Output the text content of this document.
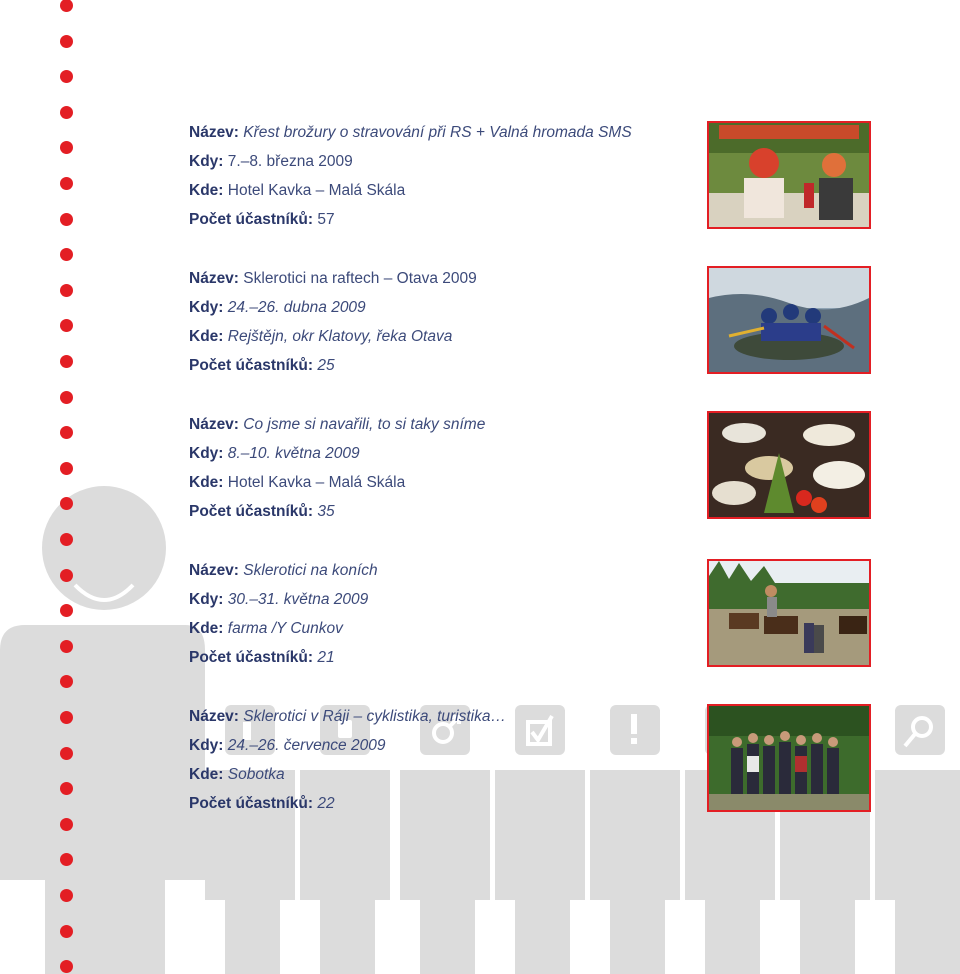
Název: Křest brožury o stravování při RS + Valná hromada SMS
Kdy: 7.–8. března 2009
Kde: Hotel Kavka – Malá Skála
Počet účastníků: 57
Název: Sklerotici na raftech – Otava 2009
Kdy: 24.–26. dubna 2009
Kde: Rejštějn, okr Klatovy, řeka Otava
Počet účastníků: 25
Název: Co jsme si navařili, to si taky sníme
Kdy: 8.–10. května 2009
Kde: Hotel Kavka – Malá Skála
Počet účastníků: 35
Název: Sklerotici na koních
Kdy: 30.–31. května 2009
Kde: farma /Y Cunkov
Počet účastníků: 21
Název: Sklerotici v Ráji – cyklistika, turistika…
Kdy: 24.–26. července 2009
Kde: Sobotka
Počet účastníků: 22
